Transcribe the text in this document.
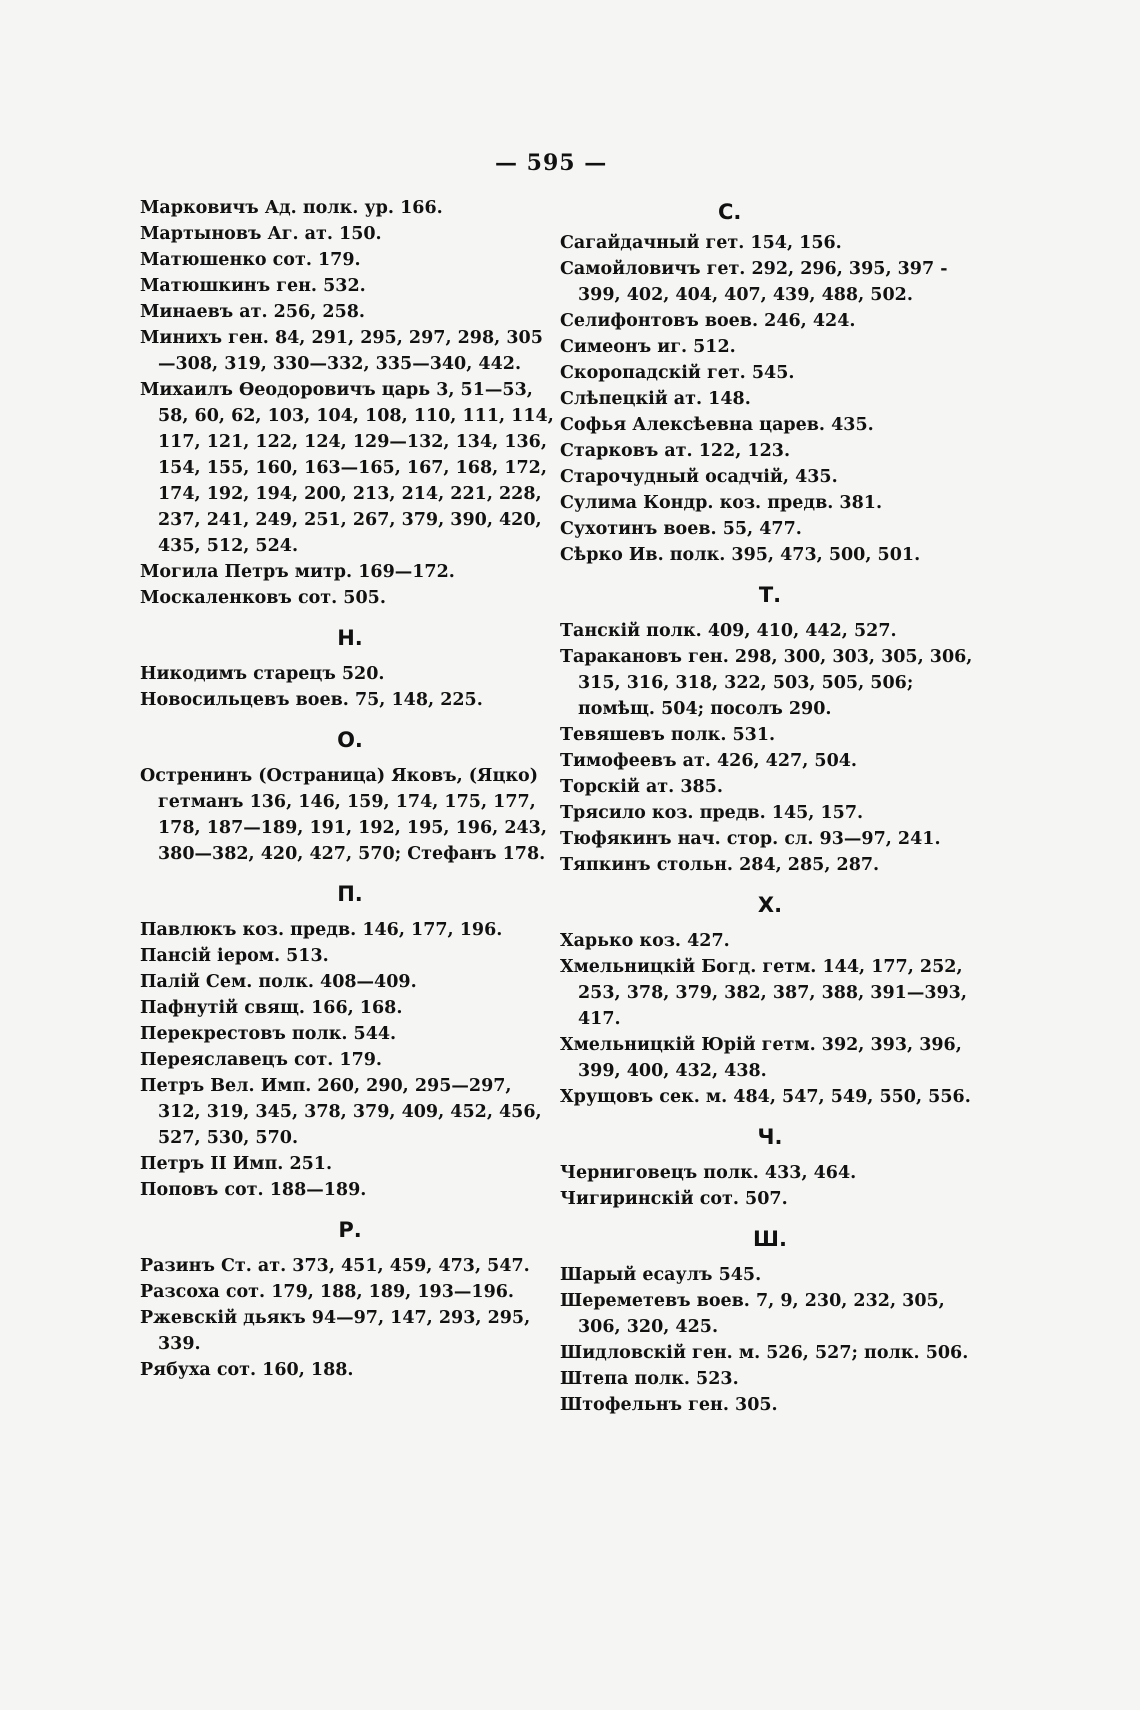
— 595 —
Марковичъ Ад. полк. ур. 166.
Мартыновъ Аг. ат. 150.
Матюшенко сот. 179.
Матюшкинъ ген. 532.
Минаевъ ат. 256, 258.
Минихъ ген. 84, 291, 295, 297, 298, 305—308, 319, 330—332, 335—340, 442.
Михаилъ Өеодоровичъ царь 3, 51—53, 58, 60, 62, 103, 104, 108, 110, 111, 114, 117, 121, 122, 124, 129—132, 134, 136, 154, 155, 160, 163—165, 167, 168, 172, 174, 192, 194, 200, 213, 214, 221, 228, 237, 241, 249, 251, 267, 379, 390, 420, 435, 512, 524.
Могила Петръ митр. 169—172.
Москаленковъ сот. 505.
Н.
Никодимъ старецъ 520.
Новосильцевъ воев. 75, 148, 225.
О.
Остренинъ (Остраница) Яковъ, (Яцко) гетманъ 136, 146, 159, 174, 175, 177, 178, 187—189, 191, 192, 195, 196, 243, 380—382, 420, 427, 570; Стефанъ 178.
П.
Павлюкъ коз. предв. 146, 177, 196.
Пансій іером. 513.
Палій Сем. полк. 408—409.
Пафнутій свящ. 166, 168.
Перекрестовъ полк. 544.
Переяславецъ сот. 179.
Петръ Вел. Имп. 260, 290, 295—297, 312, 319, 345, 378, 379, 409, 452, 456, 527, 530, 570.
Петръ II Имп. 251.
Поповъ сот. 188—189.
Р.
Разинъ Ст. ат. 373, 451, 459, 473, 547.
Разсоха сот. 179, 188, 189, 193—196.
Ржевскій дьякъ 94—97, 147, 293, 295, 339.
Рябуха сот. 160, 188.
С.
Сагайдачный гет. 154, 156.
Самойловичъ гет. 292, 296, 395, 397 - 399, 402, 404, 407, 439, 488, 502.
Селифонтовъ воев. 246, 424.
Симеонъ иг. 512.
Скоропадскій гет. 545.
Слѣпецкій ат. 148.
Софья Алексѣевна царев. 435.
Старковъ ат. 122, 123.
Старочудный осадчій, 435.
Сулима Кондр. коз. предв. 381.
Сухотинъ воев. 55, 477.
Сѣрко Ив. полк. 395, 473, 500, 501.
Т.
Танскій полк. 409, 410, 442, 527.
Таракановъ ген. 298, 300, 303, 305, 306, 315, 316, 318, 322, 503, 505, 506; помѣщ. 504; посолъ 290.
Тевяшевъ полк. 531.
Тимофеевъ ат. 426, 427, 504.
Торскій ат. 385.
Трясило коз. предв. 145, 157.
Тюфякинъ нач. стор. сл. 93—97, 241.
Тяпкинъ стольн. 284, 285, 287.
Х.
Харько коз. 427.
Хмельницкій Богд. гетм. 144, 177, 252, 253, 378, 379, 382, 387, 388, 391—393, 417.
Хмельницкій Юрій гетм. 392, 393, 396, 399, 400, 432, 438.
Хрущовъ сек. м. 484, 547, 549, 550, 556.
Ч.
Черниговецъ полк. 433, 464.
Чигиринскій сот. 507.
Ш.
Шарый есаулъ 545.
Шереметевъ воев. 7, 9, 230, 232, 305, 306, 320, 425.
Шидловскій ген. м. 526, 527; полк. 506.
Штепа полк. 523.
Штофельнъ ген. 305.
